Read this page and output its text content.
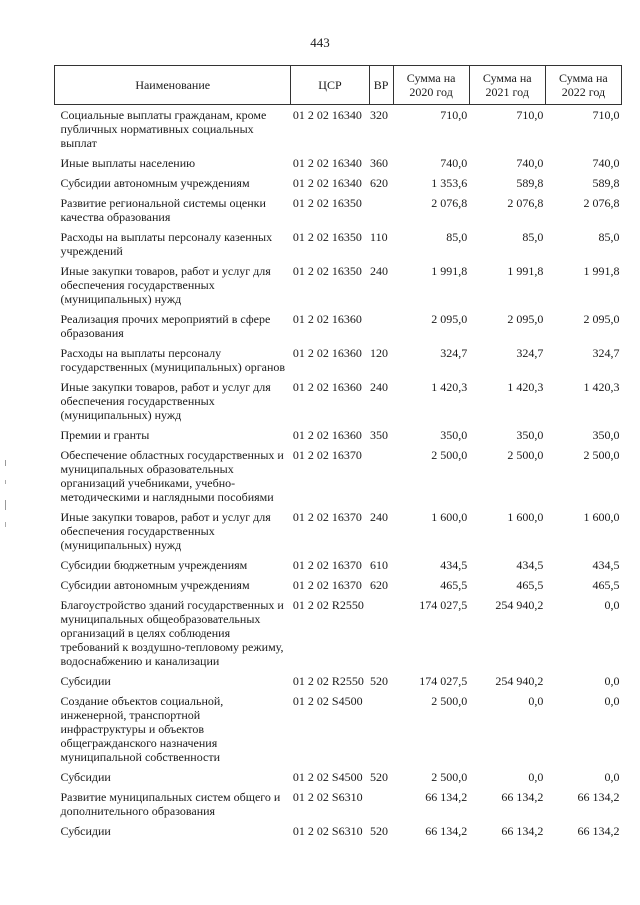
443
Наименование	ЦСР	ВР	Сумма на 2020 год	Сумма на 2021 год	Сумма на 2022 год
Социальные выплаты гражданам, кроме публичных нормативных социальных выплат	01 2 02 16340	320	710,0	710,0	710,0
Иные выплаты населению	01 2 02 16340	360	740,0	740,0	740,0
Субсидии автономным учреждениям	01 2 02 16340	620	1 353,6	589,8	589,8
Развитие региональной системы оценки качества образования	01 2 02 16350		2 076,8	2 076,8	2 076,8
Расходы на выплаты персоналу казенных учреждений	01 2 02 16350	110	85,0	85,0	85,0
Иные закупки товаров, работ и услуг для обеспечения государственных (муниципальных) нужд	01 2 02 16350	240	1 991,8	1 991,8	1 991,8
Реализация прочих мероприятий в сфере образования	01 2 02 16360		2 095,0	2 095,0	2 095,0
Расходы на выплаты персоналу государственных (муниципальных) органов	01 2 02 16360	120	324,7	324,7	324,7
Иные закупки товаров, работ и услуг для обеспечения государственных (муниципальных) нужд	01 2 02 16360	240	1 420,3	1 420,3	1 420,3
Премии и гранты	01 2 02 16360	350	350,0	350,0	350,0
Обеспечение областных государственных и муниципальных образовательных организаций учебниками, учебно-методическими и наглядными пособиями	01 2 02 16370		2 500,0	2 500,0	2 500,0
Иные закупки товаров, работ и услуг для обеспечения государственных (муниципальных) нужд	01 2 02 16370	240	1 600,0	1 600,0	1 600,0
Субсидии бюджетным учреждениям	01 2 02 16370	610	434,5	434,5	434,5
Субсидии автономным учреждениям	01 2 02 16370	620	465,5	465,5	465,5
Благоустройство зданий государственных и муниципальных общеобразовательных организаций в целях соблюдения требований к воздушно-тепловому режиму, водоснабжению и канализации	01 2 02 R2550		174 027,5	254 940,2	0,0
Субсидии	01 2 02 R2550	520	174 027,5	254 940,2	0,0
Создание объектов социальной, инженерной, транспортной инфраструктуры и объектов общегражданского назначения муниципальной собственности	01 2 02 S4500		2 500,0	0,0	0,0
Субсидии	01 2 02 S4500	520	2 500,0	0,0	0,0
Развитие муниципальных систем общего и дополнительного образования	01 2 02 S6310		66 134,2	66 134,2	66 134,2
Субсидии	01 2 02 S6310	520	66 134,2	66 134,2	66 134,2
